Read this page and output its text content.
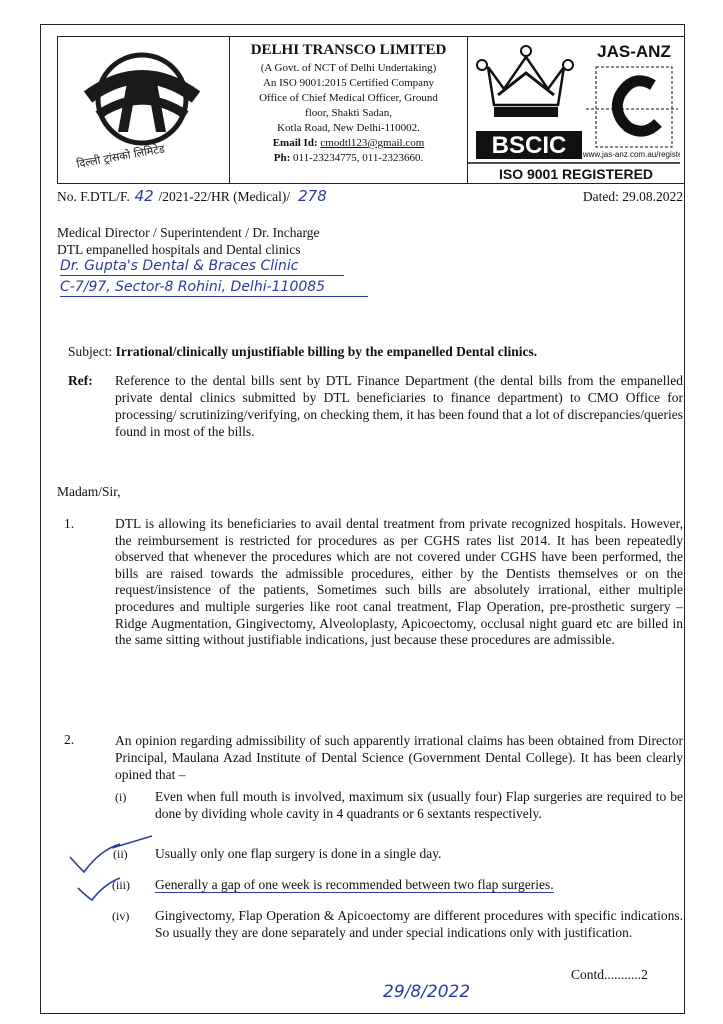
दिल्ली ट्रांसको लिमिटेड
DELHI TRANSCO LIMITED
(A Govt. of NCT of Delhi Undertaking)
An ISO 9001:2015 Certified Company
Office of Chief Medical Officer, Ground
floor, Shakti Sadan,
Kotla Road, New Delhi-110002.
Email Id: cmodtl123@gmail.com
Ph: 011-23234775, 011-2323660.	BSCIC
JAS-ANZ
www.jas-anz.com.au/register
ISO 9001 REGISTERED
No. F.DTL/F. 42 /2021-22/HR (Medical)/ 278	Dated: 29.08.2022
Medical Director / Superintendent / Dr. Incharge
DTL empanelled hospitals and Dental clinics
Dr. Gupta's Dental & Braces Clinic
C-7/97, Sector-8 Rohini, Delhi-110085
Subject: Irrational/clinically unjustifiable billing by the empanelled Dental clinics.
Ref: Reference to the dental bills sent by DTL Finance Department (the dental bills from the empanelled private dental clinics submitted by DTL beneficiaries to finance department) to CMO Office for processing/ scrutinizing/verifying, on checking them, it has been found that a lot of discrepancies/queries found in most of the bills.
Madam/Sir,
1.	DTL is allowing its beneficiaries to avail dental treatment from private recognized hospitals. However, the reimbursement is restricted for procedures as per CGHS rates list 2014. It has been repeatedly observed that whenever the procedures which are not covered under CGHS have been performed, the bills are raised towards the admissible procedures, either by the Dentists themselves or on the request/insistence of the patients, Sometimes such bills are absolutely irrational, either multiple procedures and multiple surgeries like root canal treatment, Flap Operation, pre-prosthetic surgery – Ridge Augmentation, Gingivectomy, Alveoloplasty, Apicoectomy, occlusal night guard etc are billed in the same sitting without justifiable indications, just because these procedures are admissible.
2.	An opinion regarding admissibility of such apparently irrational claims has been obtained from Director Principal, Maulana Azad Institute of Dental Science (Government Dental College). It has been clearly opined that –
(i) Even when full mouth is involved, maximum six (usually four) Flap surgeries are required to be done by dividing whole cavity in 4 quadrants or 6 sextants respectively.
(ii) Usually only one flap surgery is done in a single day.
(iii) Generally a gap of one week is recommended between two flap surgeries.
(iv) Gingivectomy, Flap Operation & Apicoectomy are different procedures with specific indications. So usually they are done separately and under special indications only with justification.
Contd...........2
29/8/2022
